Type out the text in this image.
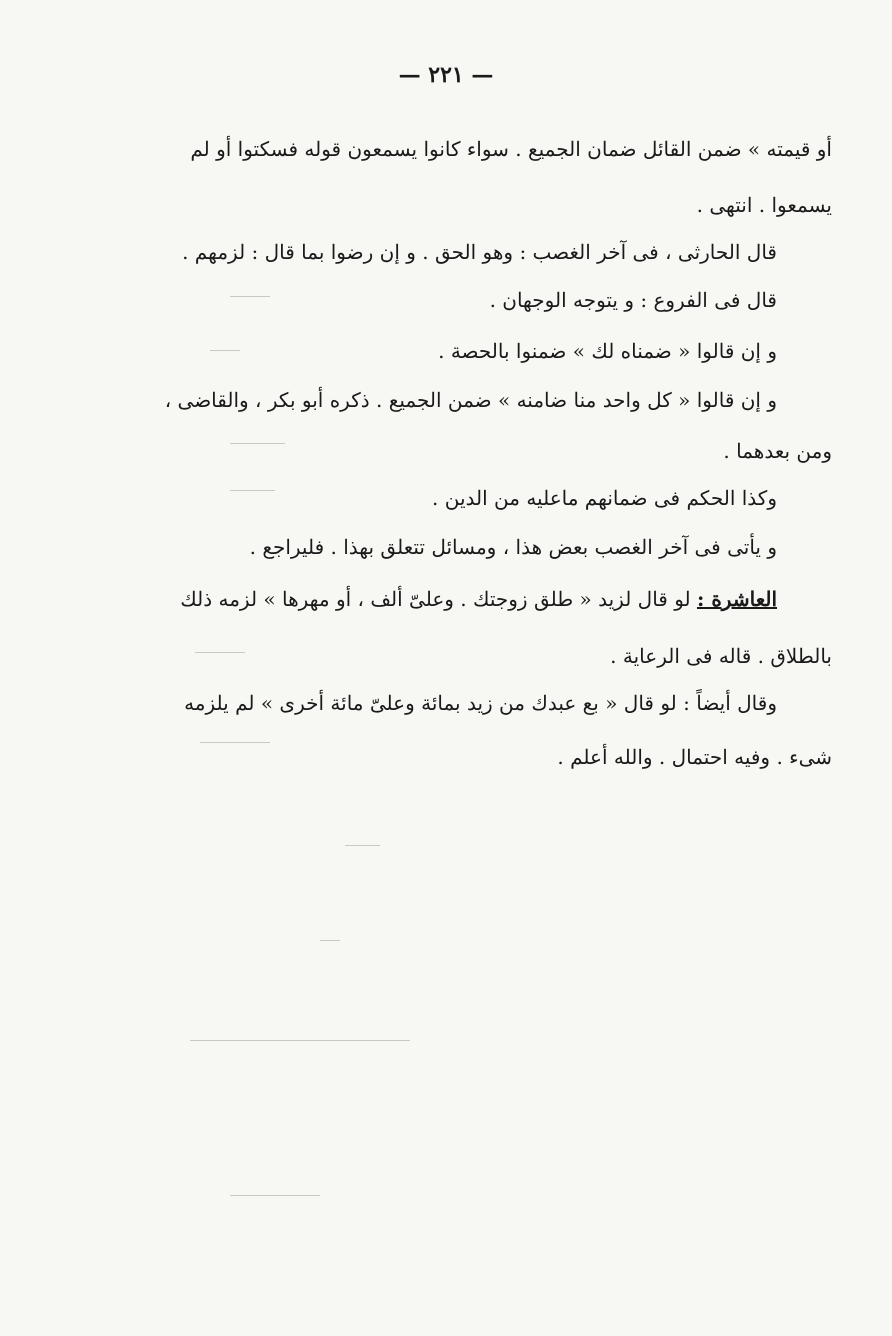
— ٢٢١ —
أو قيمته » ضمن القائل ضمان الجميع . سواء كانوا يسمعون قوله فسكتوا أو لم
يسمعوا . انتهى .
قال الحارثى ، فى آخر الغصب : وهو الحق . و إن رضوا بما قال : لزمهم .
قال فى الفروع : و يتوجه الوجهان .
و إن قالوا « ضمناه لك » ضمنوا بالحصة .
و إن قالوا « كل واحد منا ضامنه » ضمن الجميع . ذكره أبو بكر ، والقاضى ،
ومن بعدهما .
وكذا الحكم فى ضمانهم ماعليه من الدين .
و يأتى فى آخر الغصب بعض هذا ، ومسائل تتعلق بهذا . فليراجع .
العاشرة : لو قال لزيد « طلق زوجتك . وعلىّ ألف ، أو مهرها » لزمه ذلك
بالطلاق . قاله فى الرعاية .
وقال أيضاً : لو قال « بع عبدك من زيد بمائة وعلىّ مائة أخرى » لم يلزمه
شىء . وفيه احتمال . والله أعلم .
